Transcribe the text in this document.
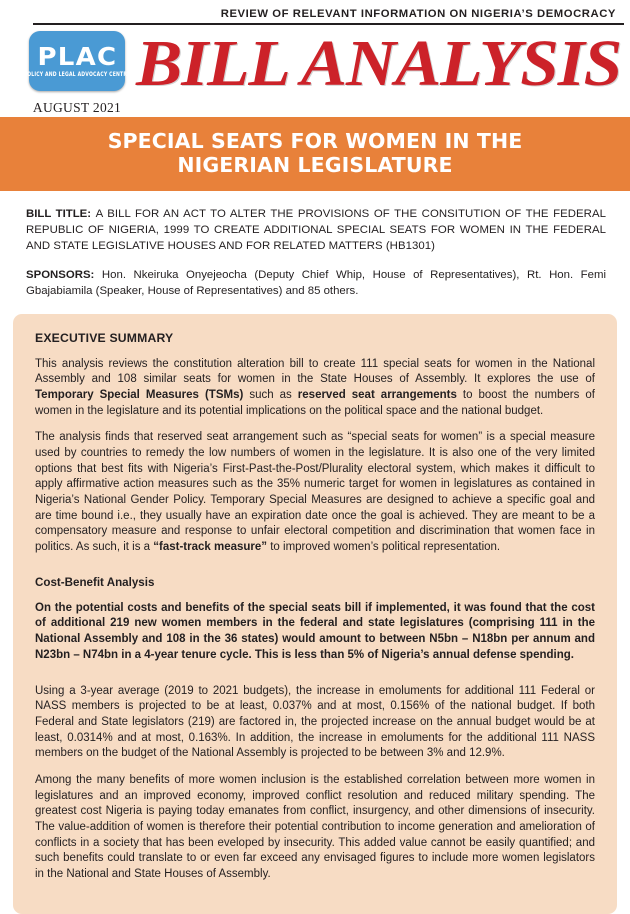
REVIEW OF RELEVANT INFORMATION ON NIGERIA’S DEMOCRACY
PLAC
POLICY AND LEGAL ADVOCACY CENTRE
AUGUST 2021
BILL ANALYSIS
SPECIAL SEATS FOR WOMEN IN THE NIGERIAN LEGISLATURE

BILL TITLE: A BILL FOR AN ACT TO ALTER THE PROVISIONS OF THE CONSITUTION OF THE FEDERAL REPUBLIC OF NIGERIA, 1999 TO CREATE ADDITIONAL SPECIAL SEATS FOR WOMEN IN THE FEDERAL AND STATE LEGISLATIVE HOUSES AND FOR RELATED MATTERS (HB1301)

SPONSORS: Hon. Nkeiruka Onyejeocha (Deputy Chief Whip, House of Representatives), Rt. Hon. Femi Gbajabiamila (Speaker, House of Representatives) and 85 others.

EXECUTIVE SUMMARY

This analysis reviews the constitution alteration bill to create 111 special seats for women in the National Assembly and 108 similar seats for women in the State Houses of Assembly. It explores the use of Temporary Special Measures (TSMs) such as reserved seat arrangements to boost the numbers of women in the legislature and its potential implications on the political space and the national budget.

The analysis finds that reserved seat arrangement such as “special seats for women” is a special measure used by countries to remedy the low numbers of women in the legislature. It is also one of the very limited options that best fits with Nigeria’s First-Past-the-Post/Plurality electoral system, which makes it difficult to apply affirmative action measures such as the 35% numeric target for women in legislatures as contained in Nigeria’s National Gender Policy. Temporary Special Measures are designed to achieve a specific goal and are time bound i.e., they usually have an expiration date once the goal is achieved. They are meant to be a compensatory measure and response to unfair electoral competition and discrimination that women face in politics. As such, it is a “fast-track measure” to improved women’s political representation.

Cost-Benefit Analysis

On the potential costs and benefits of the special seats bill if implemented, it was found that the cost of additional 219 new women members in the federal and state legislatures (comprising 111 in the National Assembly and 108 in the 36 states) would amount to between N5bn – N18bn per annum and N23bn – N74bn in a 4-year tenure cycle. This is less than 5% of Nigeria’s annual defense spending.

Using a 3-year average (2019 to 2021 budgets), the increase in emoluments for additional 111 Federal or NASS members is projected to be at least, 0.037% and at most, 0.156% of the national budget. If both Federal and State legislators (219) are factored in, the projected increase on the annual budget would be at least, 0.0314% and at most, 0.163%. In addition, the increase in emoluments for the additional 111 NASS members on the budget of the National Assembly is projected to be between 3% and 12.9%.

Among the many benefits of more women inclusion is the established correlation between more women in legislatures and an improved economy, improved conflict resolution and reduced military spending. The greatest cost Nigeria is paying today emanates from conflict, insurgency, and other dimensions of insecurity. The value-addition of women is therefore their potential contribution to income generation and amelioration of conflicts in a society that has been eveloped by insecurity. This added value cannot be easily quantified; and such benefits could translate to or even far exceed any envisaged figures to include more women legislators in the National and State Houses of Assembly.
